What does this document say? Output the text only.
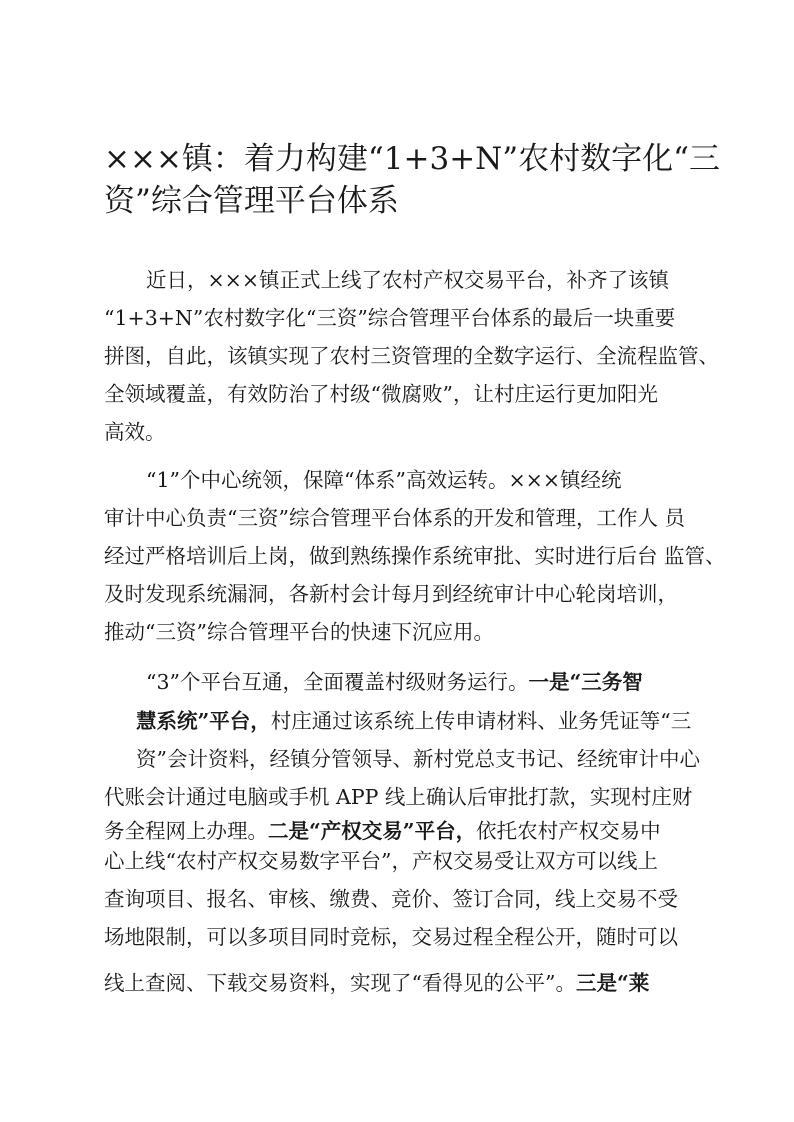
×××镇：着力构建“1+3+N”农村数字化“三
资”综合管理平台体系

近日，×××镇正式上线了农村产权交易平台，补齐了该镇

“1+3+N”农村数字化“三资”综合管理平台体系的最后一块重要

拼图，自此，该镇实现了农村三资管理的全数字运行、全流程监管、

全领域覆盖，有效防治了村级“微腐败”，让村庄运行更加阳光

高效。

“1”个中心统领，保障“体系”高效运转。×××镇经统

审计中心负责“三资”综合管理平台体系的开发和管理，工作人 员

经过严格培训后上岗，做到熟练操作系统审批、实时进行后台 监管、

及时发现系统漏洞，各新村会计每月到经统审计中心轮岗培训，

推动“三资”综合管理平台的快速下沉应用。

“3”个平台互通，全面覆盖村级财务运行。一是“三务智

慧系统”平台，村庄通过该系统上传申请材料、业务凭证等“三

资”会计资料，经镇分管领导、新村党总支书记、经统审计中心

代账会计通过电脑或手机 APP 线上确认后审批打款，实现村庄财

务全程网上办理。二是“产权交易”平台，依托农村产权交易中

心上线“农村产权交易数字平台”，产权交易受让双方可以线上

查询项目、报名、审核、缴费、竞价、签订合同，线上交易不受

场地限制，可以多项目同时竞标，交易过程全程公开，随时可以

线上查阅、下载交易资料，实现了“看得见的公平”。三是“莱
